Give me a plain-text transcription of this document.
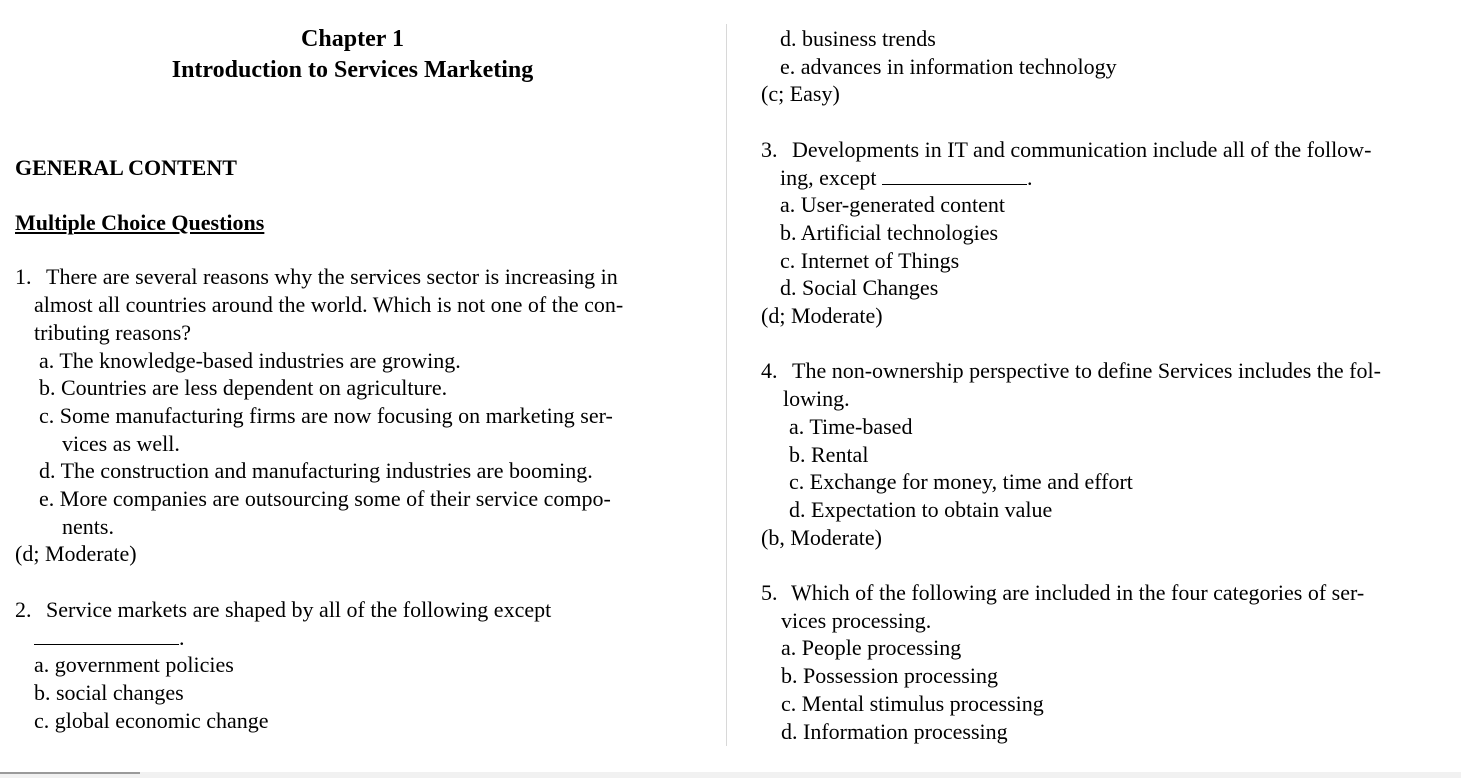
Chapter 1
Introduction to Services Marketing
GENERAL CONTENT
Multiple Choice Questions
1. There are several reasons why the services sector is increasing in
almost all countries around the world. Which is not one of the con-
tributing reasons?
a. The knowledge-based industries are growing.
b. Countries are less dependent on agriculture.
c. Some manufacturing firms are now focusing on marketing ser-
vices as well.
d. The construction and manufacturing industries are booming.
e. More companies are outsourcing some of their service compo-
nents.
(d; Moderate)
2. Service markets are shaped by all of the following except
.
a. government policies
b. social changes
c. global economic change
d. business trends
e. advances in information technology
(c; Easy)
3. Developments in IT and communication include all of the follow-
ing, except	.
a. User-generated content
b. Artificial technologies
c. Internet of Things
d. Social Changes
(d; Moderate)
4. The non-ownership perspective to define Services includes the fol-
lowing.
a. Time-based
b. Rental
c. Exchange for money, time and effort
d. Expectation to obtain value
(b, Moderate)
5. Which of the following are included in the four categories of ser-
vices processing.
a. People processing
b. Possession processing
c. Mental stimulus processing
d. Information processing
